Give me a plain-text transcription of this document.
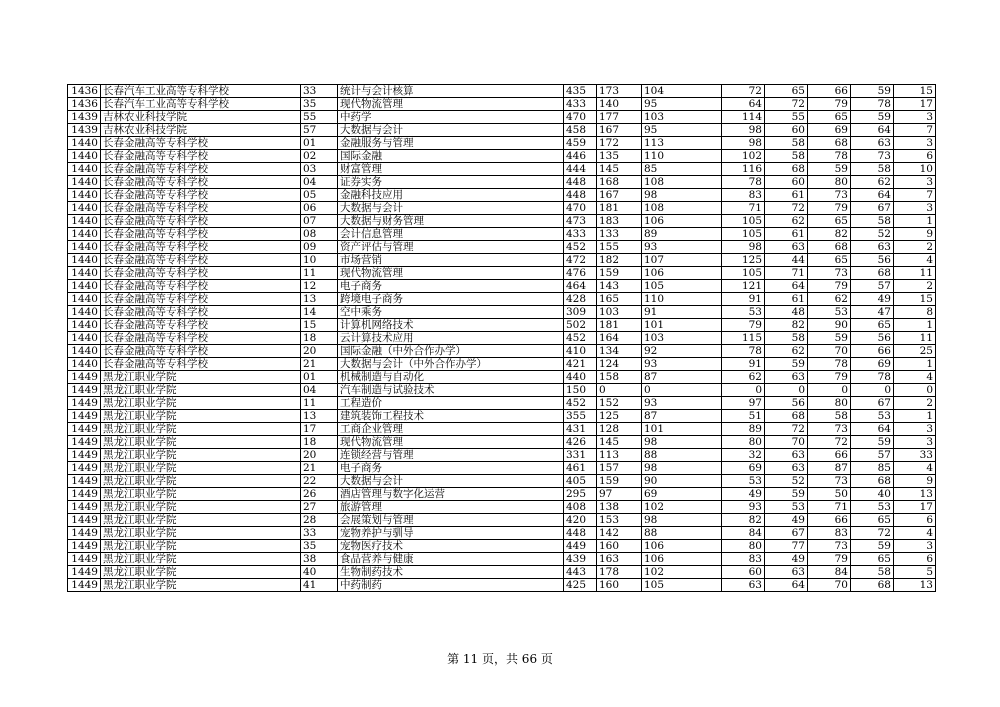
1436	长春汽车工业高等专科学校	33	统计与会计核算	435	173	104	72	65	66	59	15
1436	长春汽车工业高等专科学校	35	现代物流管理	433	140	95	64	72	79	78	17
1439	吉林农业科技学院	55	中药学	470	177	103	114	55	65	59	3
1439	吉林农业科技学院	57	大数据与会计	458	167	95	98	60	69	64	7
1440	长春金融高等专科学校	01	金融服务与管理	459	172	113	98	58	68	63	3
1440	长春金融高等专科学校	02	国际金融	446	135	110	102	58	78	73	6
1440	长春金融高等专科学校	03	财富管理	444	145	85	116	68	59	58	10
1440	长春金融高等专科学校	04	证券实务	448	168	108	78	60	80	62	3
1440	长春金融高等专科学校	05	金融科技应用	448	167	98	83	61	73	64	7
1440	长春金融高等专科学校	06	大数据与会计	470	181	108	71	72	79	67	3
1440	长春金融高等专科学校	07	大数据与财务管理	473	183	106	105	62	65	58	1
1440	长春金融高等专科学校	08	会计信息管理	433	133	89	105	61	82	52	9
1440	长春金融高等专科学校	09	资产评估与管理	452	155	93	98	63	68	63	2
1440	长春金融高等专科学校	10	市场营销	472	182	107	125	44	65	56	4
1440	长春金融高等专科学校	11	现代物流管理	476	159	106	105	71	73	68	11
1440	长春金融高等专科学校	12	电子商务	464	143	105	121	64	79	57	2
1440	长春金融高等专科学校	13	跨境电子商务	428	165	110	91	61	62	49	15
1440	长春金融高等专科学校	14	空中乘务	309	103	91	53	48	53	47	8
1440	长春金融高等专科学校	15	计算机网络技术	502	181	101	79	82	90	65	1
1440	长春金融高等专科学校	18	云计算技术应用	452	164	103	115	58	59	56	11
1440	长春金融高等专科学校	20	国际金融（中外合作办学）	410	134	92	78	62	70	66	25
1440	长春金融高等专科学校	21	大数据与会计（中外合作办学）	421	124	93	91	59	78	69	1
1449	黑龙江职业学院	01	机械制造与自动化	440	158	87	62	63	79	78	4
1449	黑龙江职业学院	04	汽车制造与试验技术	150	0	0	0	0	0	0	0
1449	黑龙江职业学院	11	工程造价	452	152	93	97	56	80	67	2
1449	黑龙江职业学院	13	建筑装饰工程技术	355	125	87	51	68	58	53	1
1449	黑龙江职业学院	17	工商企业管理	431	128	101	89	72	73	64	3
1449	黑龙江职业学院	18	现代物流管理	426	145	98	80	70	72	59	3
1449	黑龙江职业学院	20	连锁经营与管理	331	113	88	32	63	66	57	33
1449	黑龙江职业学院	21	电子商务	461	157	98	69	63	87	85	4
1449	黑龙江职业学院	22	大数据与会计	405	159	90	53	52	73	68	9
1449	黑龙江职业学院	26	酒店管理与数字化运营	295	97	69	49	59	50	40	13
1449	黑龙江职业学院	27	旅游管理	408	138	102	93	53	71	53	17
1449	黑龙江职业学院	28	会展策划与管理	420	153	98	82	49	66	65	6
1449	黑龙江职业学院	33	宠物养护与驯导	448	142	88	84	67	83	72	4
1449	黑龙江职业学院	35	宠物医疗技术	449	160	106	80	77	73	59	3
1449	黑龙江职业学院	38	食品营养与健康	439	163	106	83	49	79	65	6
1449	黑龙江职业学院	40	生物制药技术	443	178	102	60	63	84	58	5
1449	黑龙江职业学院	41	中药制药	425	160	105	63	64	70	68	13
第 11 页，共 66 页
